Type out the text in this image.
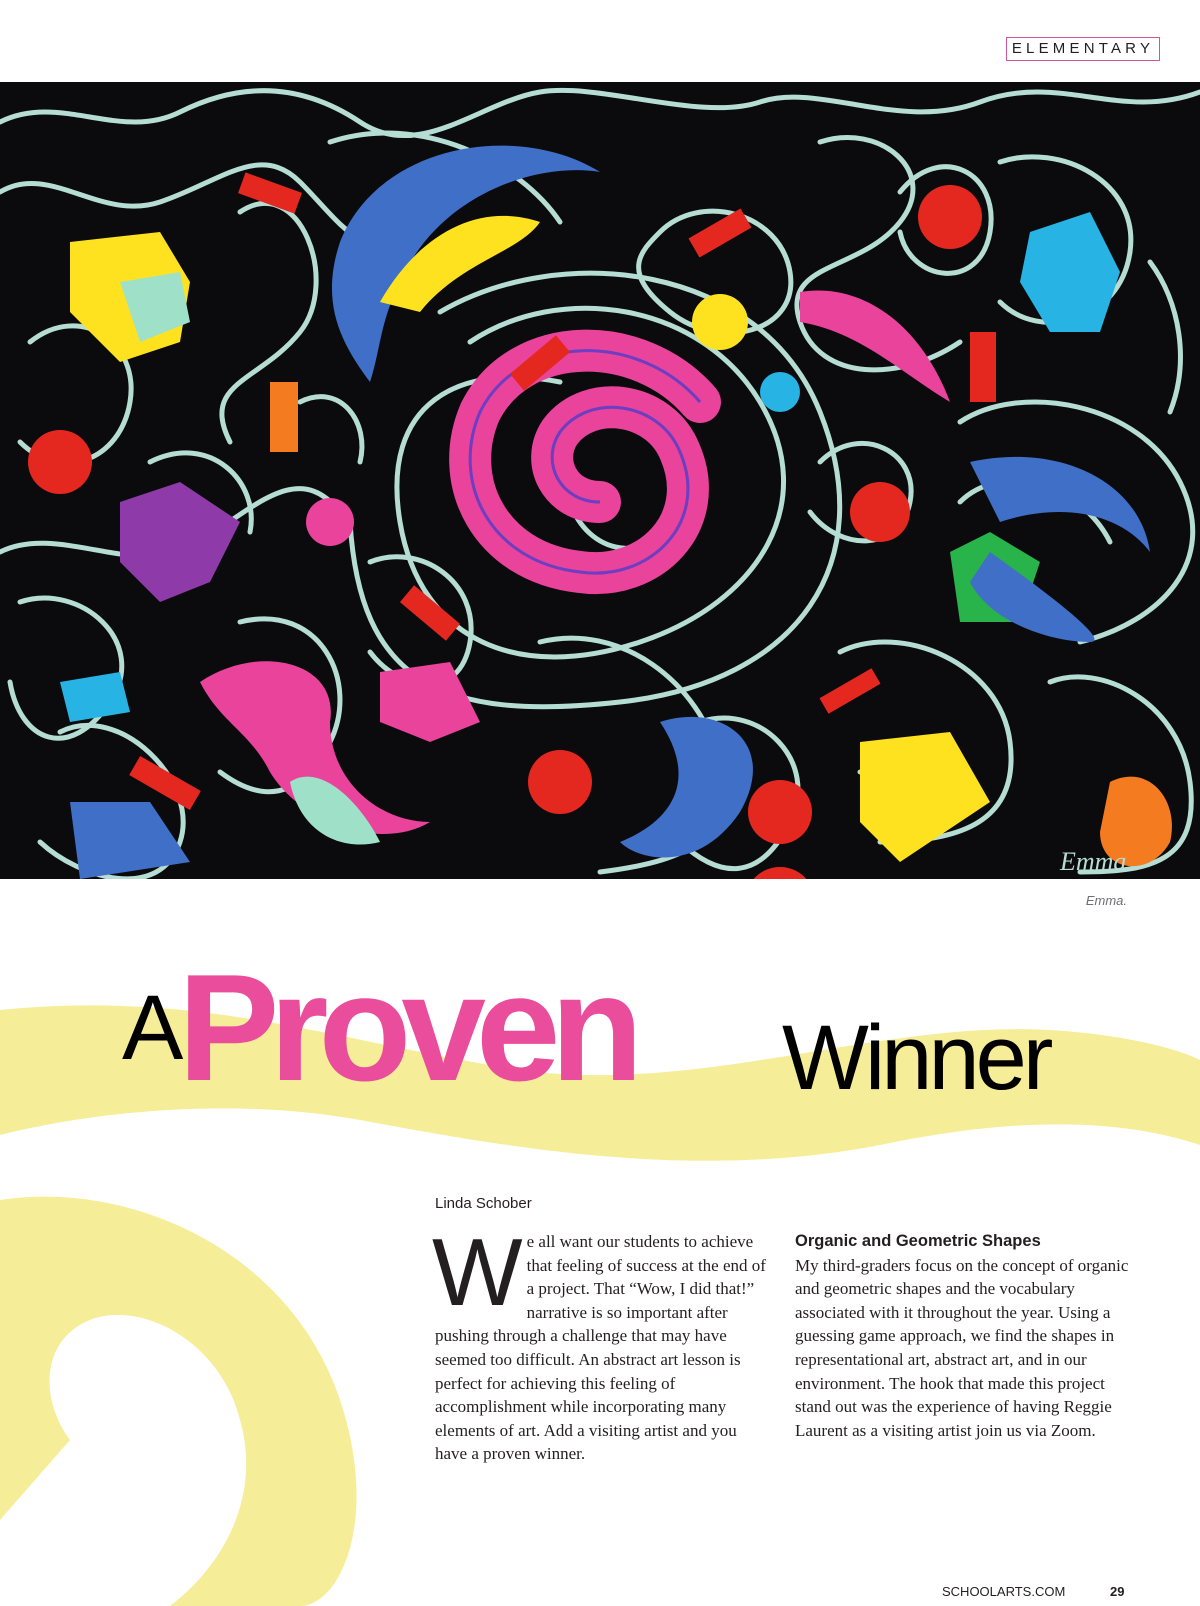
ELEMENTARY
Emma
Emma.
A
Proven Winner
Linda Schober
We all want our students to achieve that feeling of success at the end of a project. That “Wow, I did that!” narrative is so important after pushing through a challenge that may have seemed too difficult. An abstract art lesson is perfect for achieving this feeling of accomplishment while incorporating many elements of art. Add a visiting artist and you have a proven winner.
Organic and Geometric Shapes
My third-graders focus on the concept of organic and geometric shapes and the vocabulary associated with it throughout the year. Using a guessing game approach, we find the shapes in representational art, abstract art, and in our environment. The hook that made this project stand out was the experience of having Reggie Laurent as a visiting artist join us via Zoom.
SCHOOLARTS.COM	29
